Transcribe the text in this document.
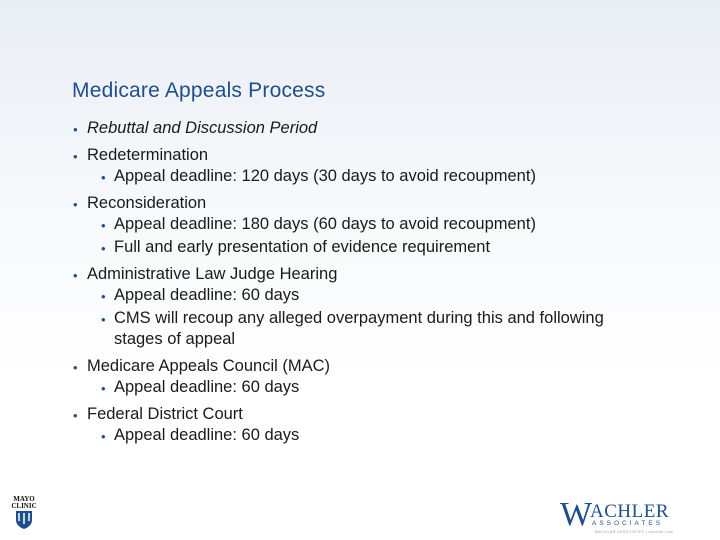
Medicare Appeals Process
• Rebuttal and Discussion Period
• Redetermination
• Appeal deadline: 120 days (30 days to avoid recoupment)
• Reconsideration
• Appeal deadline: 180 days (60 days to avoid recoupment)
• Full and early presentation of evidence requirement
• Administrative Law Judge Hearing
• Appeal deadline: 60 days
• CMS will recoup any alleged overpayment during this and following stages of appeal
• Medicare Appeals Council (MAC)
• Appeal deadline: 60 days
• Federal District Court
• Appeal deadline: 60 days
MAYO
CLINIC	W
ACHLER
ASSOCIATES
WACHLER ASSOCIATES | wachler.com
